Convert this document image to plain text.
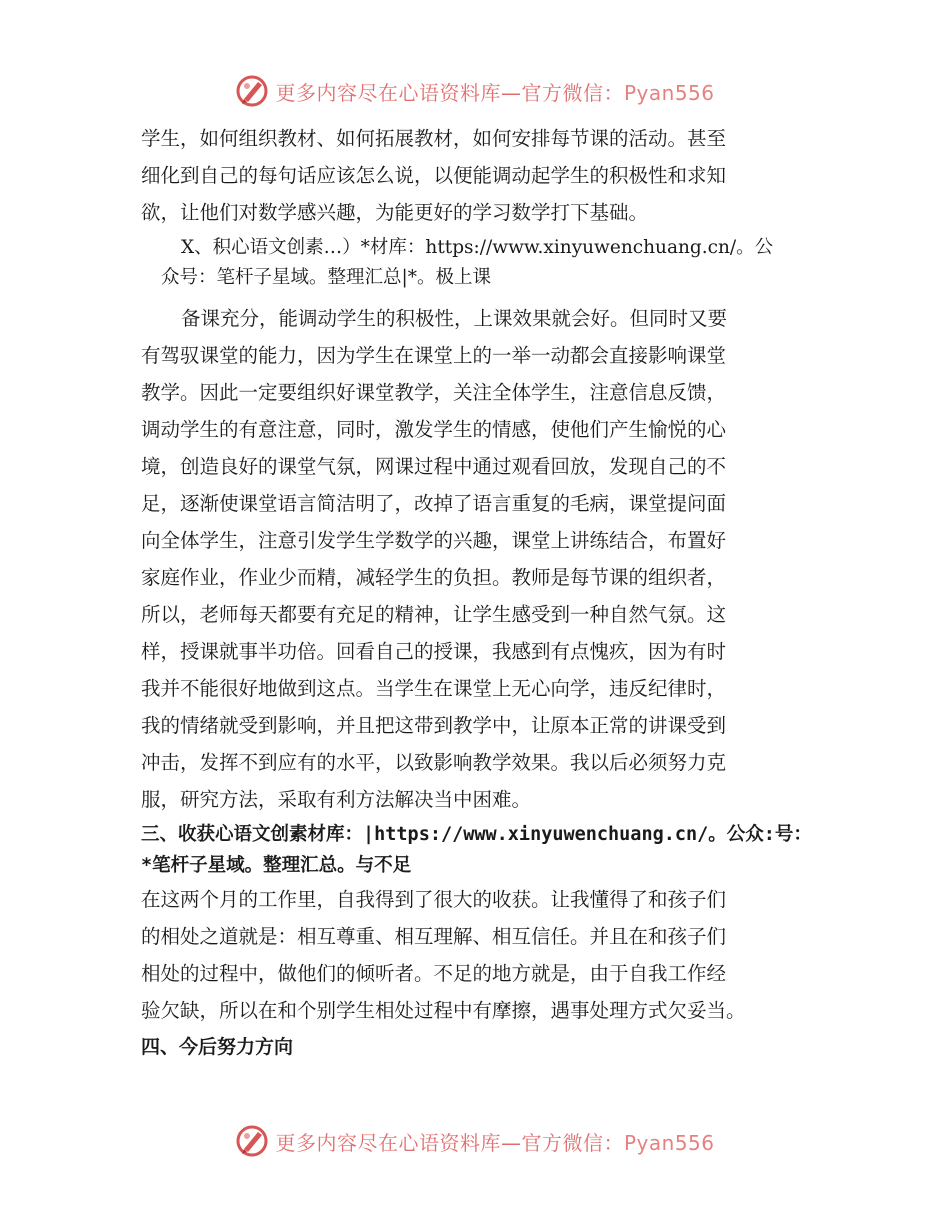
更多内容尽在心语资料库—官方微信：Pyan556

学生，如何组织教材、如何拓展教材，如何安排每节课的活动。甚至

细化到自己的每句话应该怎么说，以便能调动起学生的积极性和求知

欲，让他们对数学感兴趣，为能更好的学习数学打下基础。

X、积心语文创素…）*材库：https://www.xinyuwenchuang.cn/。公

众号：笔杆子星域。整理汇总|*。极上课

备课充分，能调动学生的积极性，上课效果就会好。但同时又要

有驾驭课堂的能力，因为学生在课堂上的一举一动都会直接影响课堂

教学。因此一定要组织好课堂教学，关注全体学生，注意信息反馈，

调动学生的有意注意，同时，激发学生的情感，使他们产生愉悦的心

境，创造良好的课堂气氛，网课过程中通过观看回放，发现自己的不

足，逐渐使课堂语言简洁明了，改掉了语言重复的毛病，课堂提问面

向全体学生，注意引发学生学数学的兴趣，课堂上讲练结合，布置好

家庭作业，作业少而精，减轻学生的负担。教师是每节课的组织者，

所以，老师每天都要有充足的精神，让学生感受到一种自然气氛。这

样，授课就事半功倍。回看自己的授课，我感到有点愧疚，因为有时

我并不能很好地做到这点。当学生在课堂上无心向学，违反纪律时，

我的情绪就受到影响，并且把这带到教学中，让原本正常的讲课受到

冲击，发挥不到应有的水平，以致影响教学效果。我以后必须努力克

服，研究方法，采取有利方法解决当中困难。

三、收获心语文创素材库：|https://www.xinyuwenchuang.cn/。公众:号：

*笔杆子星域。整理汇总。与不足

在这两个月的工作里，自我得到了很大的收获。让我懂得了和孩子们

的相处之道就是：相互尊重、相互理解、相互信任。并且在和孩子们

相处的过程中，做他们的倾听者。不足的地方就是，由于自我工作经

验欠缺，所以在和个别学生相处过程中有摩擦，遇事处理方式欠妥当。

四、今后努力方向

更多内容尽在心语资料库—官方微信：Pyan556
